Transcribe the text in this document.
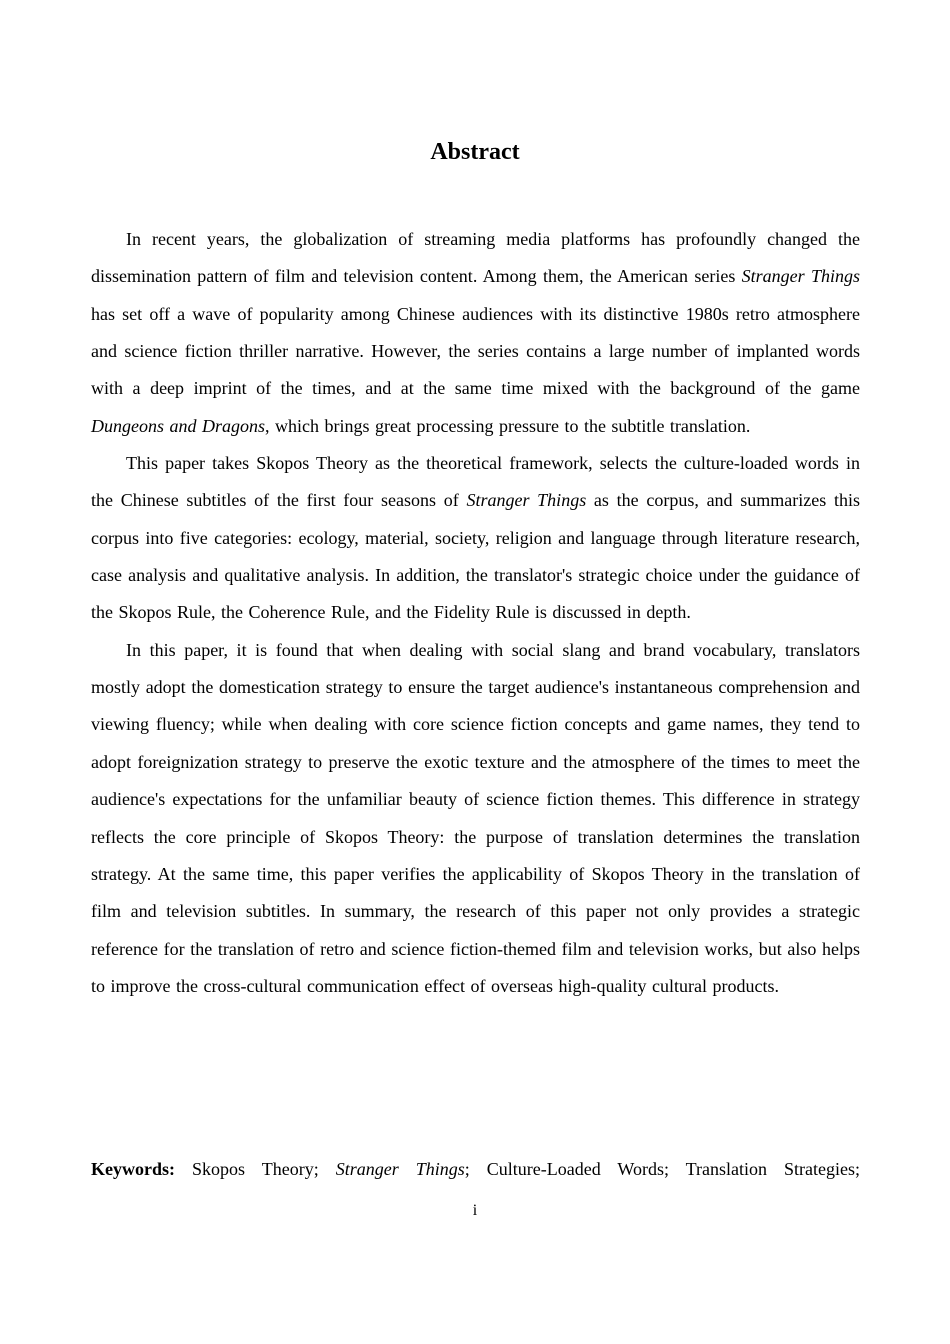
Abstract

In recent years, the globalization of streaming media platforms has profoundly changed the dissemination pattern of film and television content. Among them, the American series Stranger Things has set off a wave of popularity among Chinese audiences with its distinctive 1980s retro atmosphere and science fiction thriller narrative. However, the series contains a large number of implanted words with a deep imprint of the times, and at the same time mixed with the background of the game Dungeons and Dragons, which brings great processing pressure to the subtitle translation.

This paper takes Skopos Theory as the theoretical framework, selects the culture-loaded words in the Chinese subtitles of the first four seasons of Stranger Things as the corpus, and summarizes this corpus into five categories: ecology, material, society, religion and language through literature research, case analysis and qualitative analysis. In addition, the translator's strategic choice under the guidance of the Skopos Rule, the Coherence Rule, and the Fidelity Rule is discussed in depth.

In this paper, it is found that when dealing with social slang and brand vocabulary, translators mostly adopt the domestication strategy to ensure the target audience's instantaneous comprehension and viewing fluency; while when dealing with core science fiction concepts and game names, they tend to adopt foreignization strategy to preserve the exotic texture and the atmosphere of the times to meet the audience's expectations for the unfamiliar beauty of science fiction themes. This difference in strategy reflects the core principle of Skopos Theory: the purpose of translation determines the translation strategy. At the same time, this paper verifies the applicability of Skopos Theory in the translation of film and television subtitles. In summary, the research of this paper not only provides a strategic reference for the translation of retro and science fiction-themed film and television works, but also helps to improve the cross-cultural communication effect of overseas high-quality cultural products.

Keywords: Skopos Theory; Stranger Things; Culture-Loaded Words; Translation Strategies;

i
